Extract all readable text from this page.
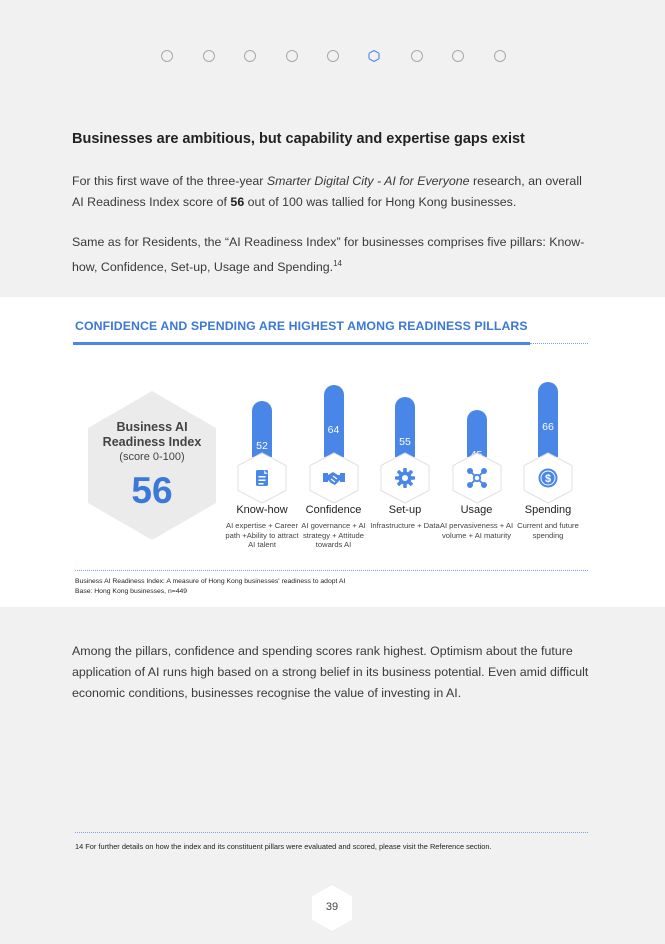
Businesses are ambitious, but capability and expertise gaps exist
For this first wave of the three-year Smarter Digital City - AI for Everyone research, an overall AI Readiness Index score of 56 out of 100 was tallied for Hong Kong businesses.
Same as for Residents, the “AI Readiness Index” for businesses comprises five pillars: Know-how, Confidence, Set-up, Usage and Spending.$^{14}$
CONFIDENCE AND SPENDING ARE HIGHEST AMONG READINESS PILLARS
Business AI
Readiness Index
(score 0-100)
56
52
Know-how
AI expertise + Career path +Ability to attract AI talent
64
Confidence
AI governance + AI strategy + Attitude towards AI
55
Set-up
Infrastructure + Data
Usage
AI pervasiveness + AI volume + AI maturity
66
$
Spending
Current and future spending
Business AI Readiness Index: A measure of Hong Kong businesses' readiness to adopt AI
Base: Hong Kong businesses, n=449
Among the pillars, confidence and spending scores rank highest. Optimism about the future application of AI runs high based on a strong belief in its business potential. Even amid difficult economic conditions, businesses recognise the value of investing in AI.
14 For further details on how the index and its constituent pillars were evaluated and scored, please visit the Reference section.
39
